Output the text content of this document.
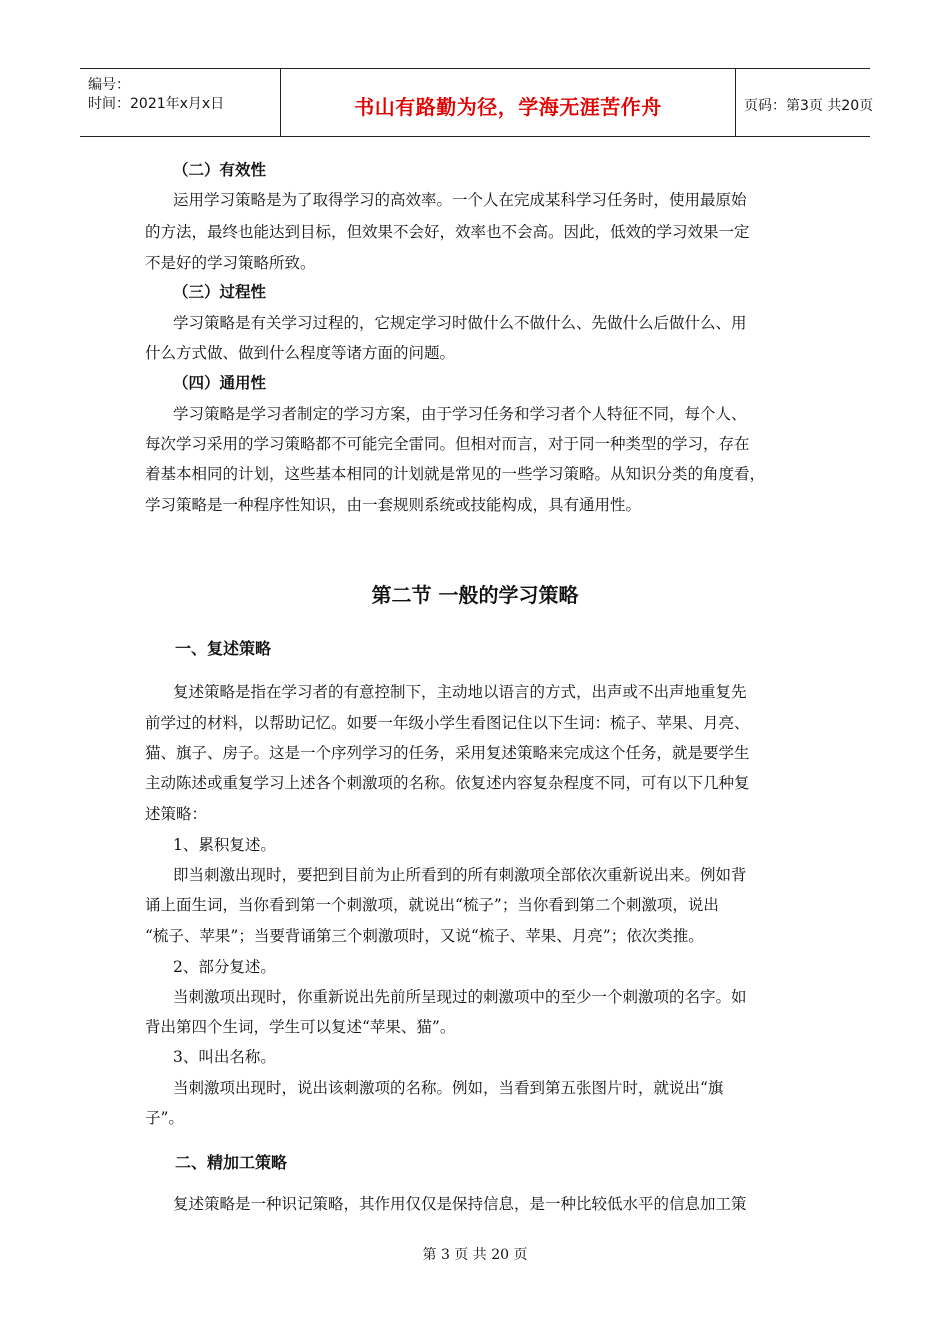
编号：
时间：2021年x月x日	书山有路勤为径，学海无涯苦作舟	页码：第3页 共20页
（二）有效性
运用学习策略是为了取得学习的高效率。一个人在完成某科学习任务时，使用最原始
的方法，最终也能达到目标，但效果不会好，效率也不会高。因此，低效的学习效果一定
不是好的学习策略所致。
（三）过程性
学习策略是有关学习过程的，它规定学习时做什么不做什么、先做什么后做什么、用
什么方式做、做到什么程度等诸方面的问题。
（四）通用性
学习策略是学习者制定的学习方案，由于学习任务和学习者个人特征不同，每个人、
每次学习采用的学习策略都不可能完全雷同。但相对而言，对于同一种类型的学习，存在
着基本相同的计划，这些基本相同的计划就是常见的一些学习策略。从知识分类的角度看，
学习策略是一种程序性知识，由一套规则系统或技能构成，具有通用性。
第二节 一般的学习策略
一、复述策略
复述策略是指在学习者的有意控制下，主动地以语言的方式，出声或不出声地重复先
前学过的材料，以帮助记忆。如要一年级小学生看图记住以下生词：梳子、苹果、月亮、
猫、旗子、房子。这是一个序列学习的任务，采用复述策略来完成这个任务，就是要学生
主动陈述或重复学习上述各个刺激项的名称。依复述内容复杂程度不同，可有以下几种复
述策略：
1、累积复述。
即当刺激出现时，要把到目前为止所看到的所有刺激项全部依次重新说出来。例如背
诵上面生词，当你看到第一个刺激项，就说出“梳子”；当你看到第二个刺激项，说出
“梳子、苹果”；当要背诵第三个刺激项时，又说“梳子、苹果、月亮”；依次类推。
2、部分复述。
当刺激项出现时，你重新说出先前所呈现过的刺激项中的至少一个刺激项的名字。如
背出第四个生词，学生可以复述“苹果、猫”。
3、叫出名称。
当刺激项出现时，说出该刺激项的名称。例如，当看到第五张图片时，就说出“旗
子”。
二、精加工策略
复述策略是一种识记策略，其作用仅仅是保持信息，是一种比较低水平的信息加工策
第 3 页 共 20 页
